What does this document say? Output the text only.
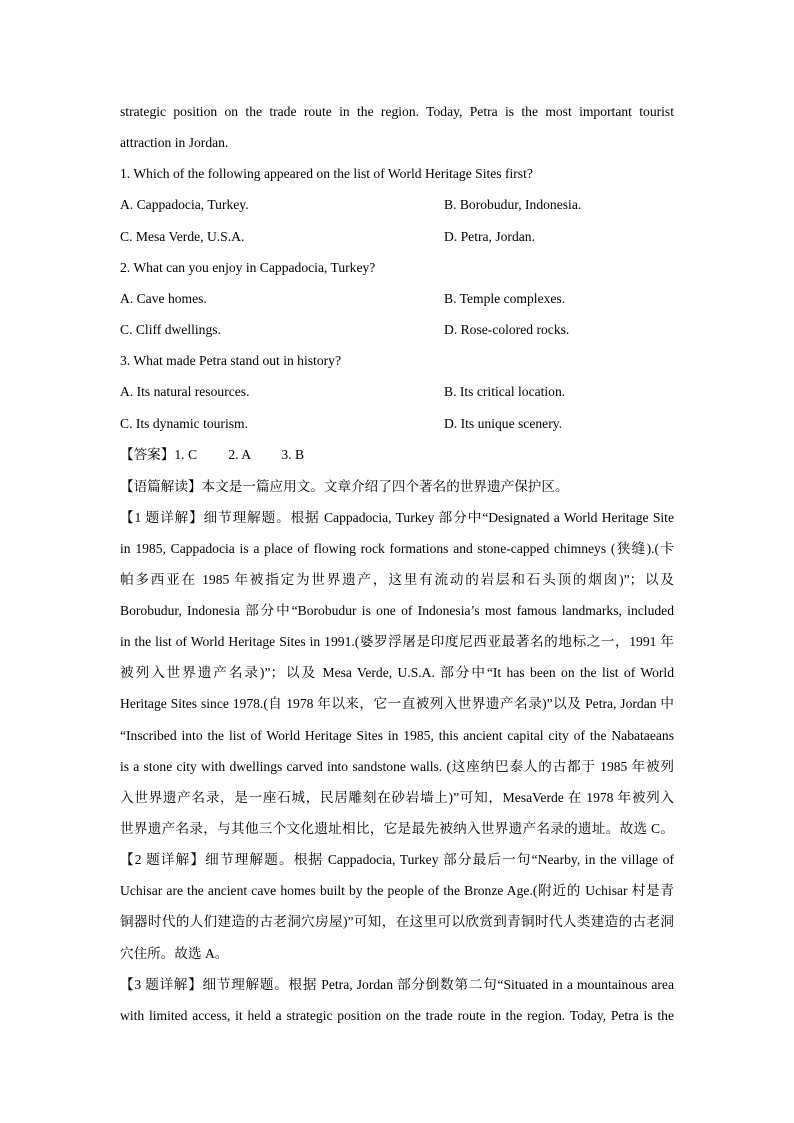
strategic position on the trade route in the region. Today, Petra is the most important tourist
attraction in Jordan.
1. Which of the following appeared on the list of World Heritage Sites first?
A. Cappadocia, Turkey.	B. Borobudur, Indonesia.
C. Mesa Verde, U.S.A.	D. Petra, Jordan.
2. What can you enjoy in Cappadocia, Turkey?
A. Cave homes.	B. Temple complexes.
C. Cliff dwellings.	D. Rose-colored rocks.
3. What made Petra stand out in history?
A. Its natural resources.	B. Its critical location.
C. Its dynamic tourism.	D. Its unique scenery.
【答案】1. C 2. A 3. B
【语篇解读】本文是一篇应用文。文章介绍了四个著名的世界遗产保护区。
【1 题详解】细节理解题。根据 Cappadocia, Turkey 部分中“Designated a World Heritage Site
in 1985, Cappadocia is a place of flowing rock formations and stone-capped chimneys (狭缝).(卡
帕多西亚在 1985 年被指定为世界遗产，这里有流动的岩层和石头顶的烟囱)”；以及
Borobudur, Indonesia 部分中“Borobudur is one of Indonesia’s most famous landmarks, included
in the list of World Heritage Sites in 1991.(婆罗浮屠是印度尼西亚最著名的地标之一，1991 年
被列入世界遗产名录)”；以及 Mesa Verde, U.S.A. 部分中“It has been on the list of World
Heritage Sites since 1978.(自 1978 年以来，它一直被列入世界遗产名录)”以及 Petra, Jordan 中
“Inscribed into the list of World Heritage Sites in 1985, this ancient capital city of the Nabataeans
is a stone city with dwellings carved into sandstone walls. (这座纳巴泰人的古都于 1985 年被列
入世界遗产名录，是一座石城，民居雕刻在砂岩墙上)”可知，MesaVerde 在 1978 年被列入
世界遗产名录，与其他三个文化遗址相比，它是最先被纳入世界遗产名录的遗址。故选 C。
【2 题详解】细节理解题。根据 Cappadocia, Turkey 部分最后一句“Nearby, in the village of
Uchisar are the ancient cave homes built by the people of the Bronze Age.(附近的 Uchisar 村是青
铜器时代的人们建造的古老洞穴房屋)”可知，在这里可以欣赏到青铜时代人类建造的古老洞
穴住所。故选 A。
【3 题详解】细节理解题。根据 Petra, Jordan 部分倒数第二句“Situated in a mountainous area
with limited access, it held a strategic position on the trade route in the region. Today, Petra is the
